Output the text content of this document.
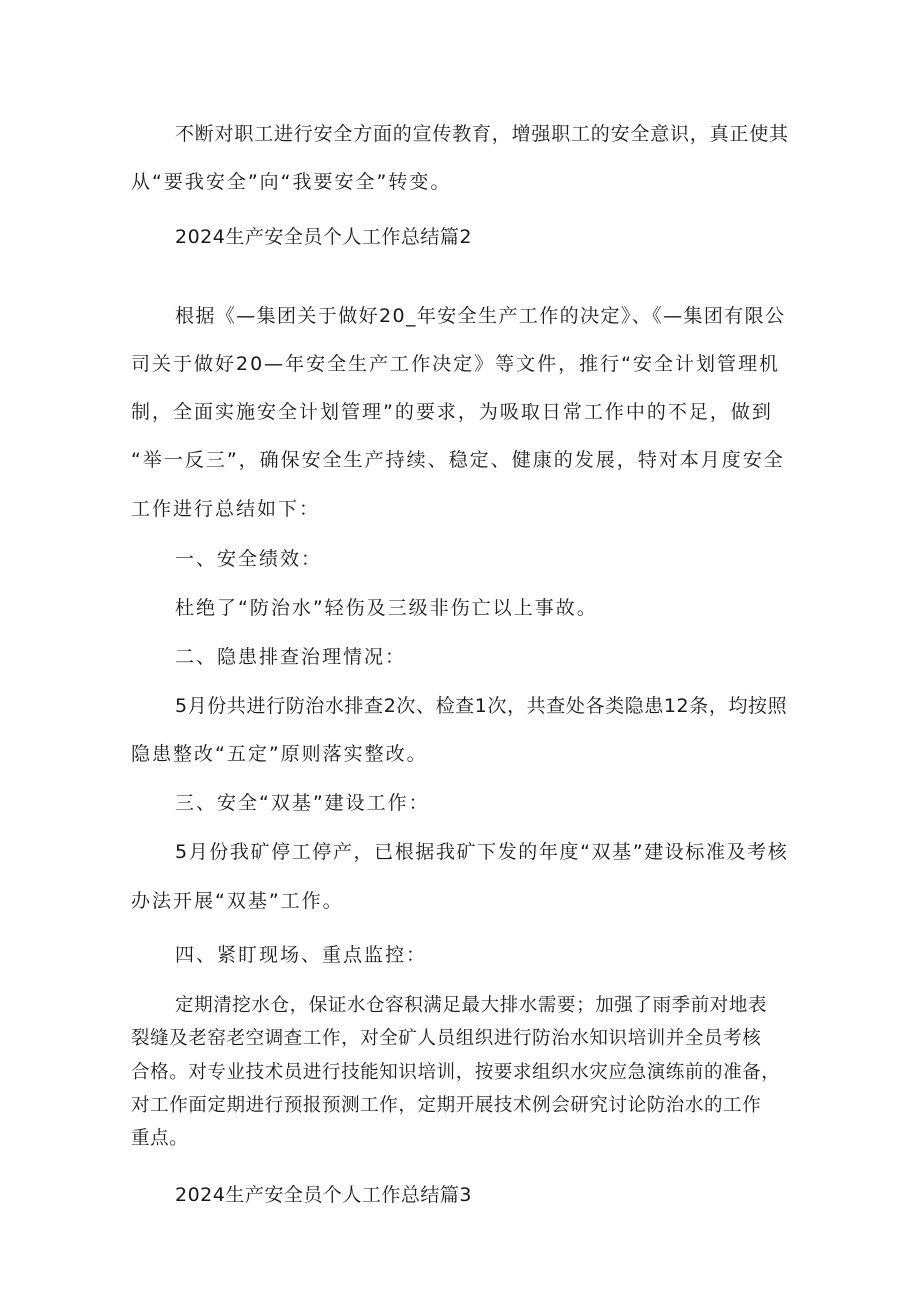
不断对职工进行安全方面的宣传教育，增强职工的安全意识，真正使其

从“要我安全”向“我要安全”转变。

2024生产安全员个人工作总结篇2

根据《—集团关于做好20_年安全生产工作的决定》、《—集团有限公

司关于做好20—年安全生产工作决定》等文件，推行“安全计划管理机

制，全面实施安全计划管理”的要求，为吸取日常工作中的不足，做到

“举一反三”，确保安全生产持续、稳定、健康的发展，特对本月度安全

工作进行总结如下：

一、安全绩效：

杜绝了“防治水”轻伤及三级非伤亡以上事故。

二、隐患排查治理情况：

5月份共进行防治水排查2次、检查1次，共查处各类隐患12条，均按照

隐患整改“五定”原则落实整改。

三、安全“双基”建设工作：

5月份我矿停工停产，已根据我矿下发的年度“双基”建设标准及考核

办法开展“双基”工作。

四、紧盯现场、重点监控：

定期清挖水仓，保证水仓容积满足最大排水需要；加强了雨季前对地表

裂缝及老窑老空调查工作，对全矿人员组织进行防治水知识培训并全员考核

合格。对专业技术员进行技能知识培训，按要求组织水灾应急演练前的准备，

对工作面定期进行预报预测工作，定期开展技术例会研究讨论防治水的工作

重点。

2024生产安全员个人工作总结篇3
